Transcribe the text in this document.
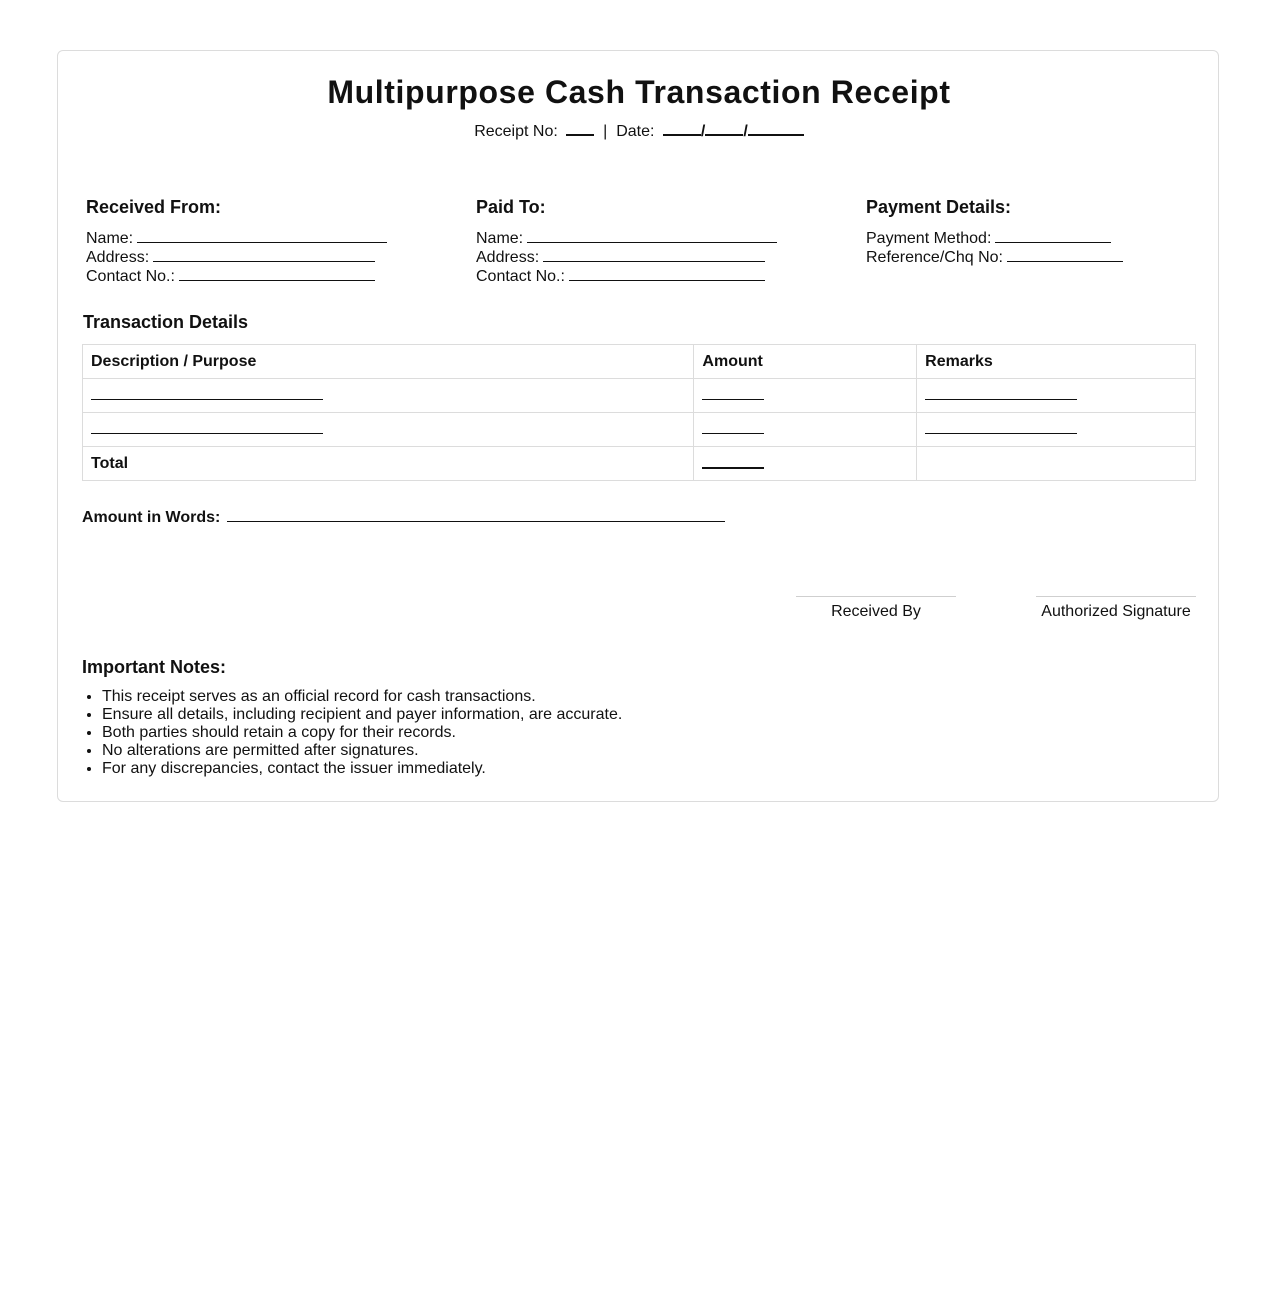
Multipurpose Cash Transaction Receipt
Receipt No:	| Date:	/ /
Received From:
Name:
Address:
Contact No.:
Paid To:
Name:
Address:
Contact No.:
Payment Details:
Payment Method:
Reference/Chq No:
Transaction Details
Description / Purpose	Amount	Remarks

Total		
Amount in Words:
Received By	Authorized Signature
Important Notes:
• This receipt serves as an official record for cash transactions.
• Ensure all details, including recipient and payer information, are accurate.
• Both parties should retain a copy for their records.
• No alterations are permitted after signatures.
• For any discrepancies, contact the issuer immediately.
